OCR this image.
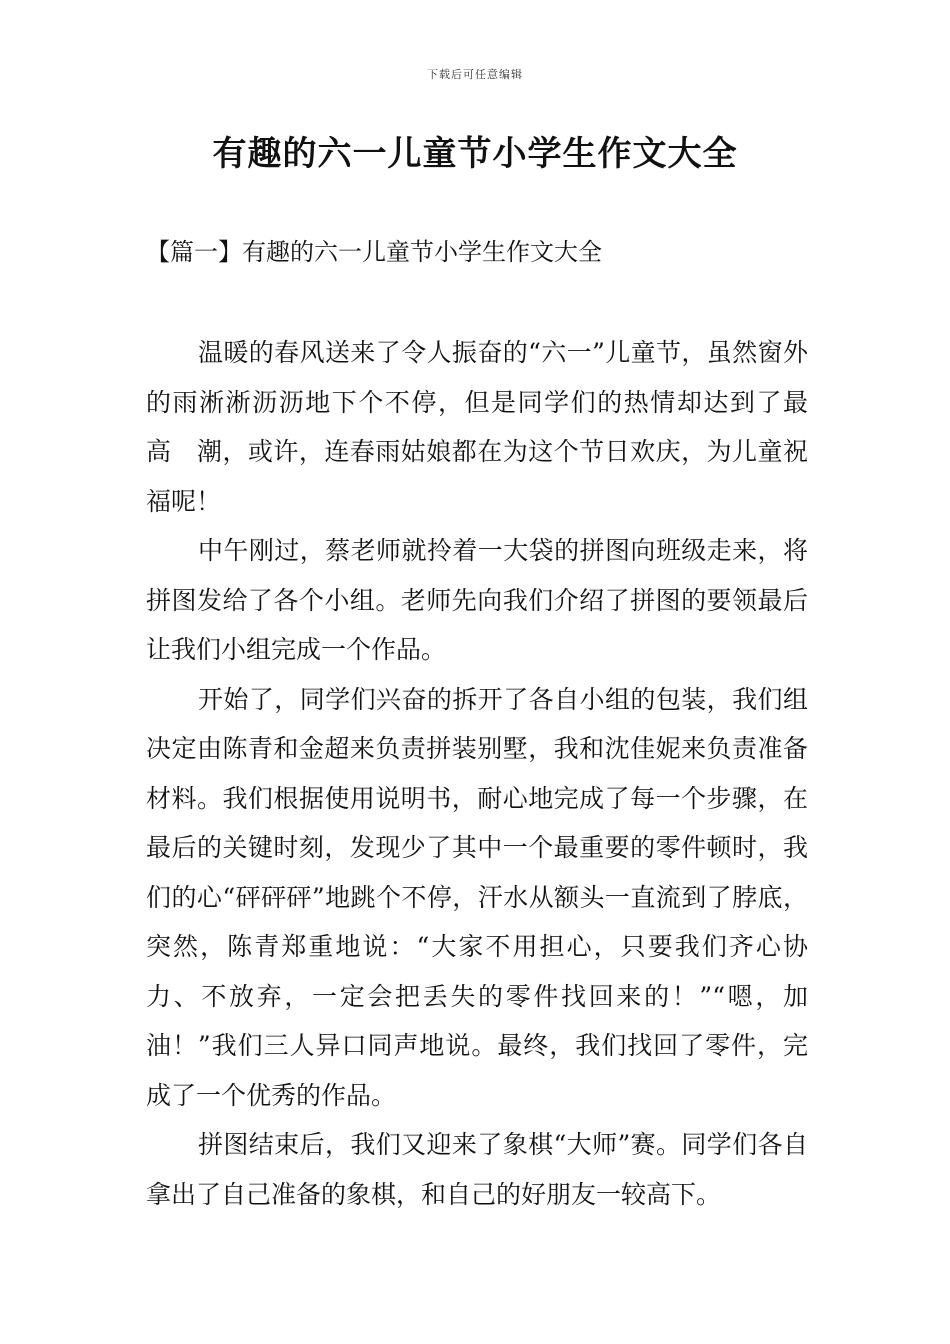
下载后可任意编辑
有趣的六一儿童节小学生作文大全
【篇一】有趣的六一儿童节小学生作文大全

温暖的春风送来了令人振奋的“六一”儿童节，虽然窗外的雨淅淅沥沥地下个不停，但是同学们的热情却达到了最　高　潮，或许，连春雨姑娘都在为这个节日欢庆，为儿童祝福呢！

中午刚过，蔡老师就拎着一大袋的拼图向班级走来，将拼图发给了各个小组。老师先向我们介绍了拼图的要领最后让我们小组完成一个作品。

开始了，同学们兴奋的拆开了各自小组的包装，我们组决定由陈青和金超来负责拼装别墅，我和沈佳妮来负责准备材料。我们根据使用说明书，耐心地完成了每一个步骤，在最后的关键时刻，发现少了其中一个最重要的零件顿时，我们的心“砰砰砰”地跳个不停，汗水从额头一直流到了脖底，突然，陈青郑重地说：“大家不用担心，只要我们齐心协力、不放弃，一定会把丢失的零件找回来的！”“嗯，加油！”我们三人异口同声地说。最终，我们找回了零件，完成了一个优秀的作品。

拼图结束后，我们又迎来了象棋“大师”赛。同学们各自拿出了自己准备的象棋，和自己的好朋友一较高下。
